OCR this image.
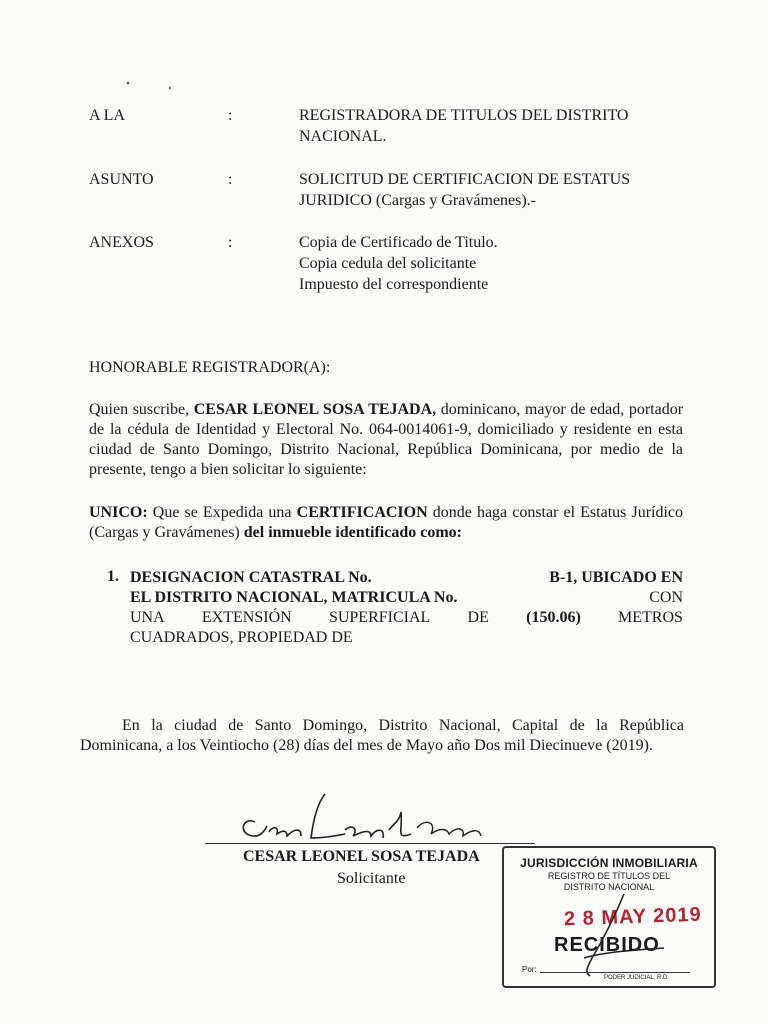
A LA	:	REGISTRADORA DE TITULOS DEL DISTRITO
NACIONAL.
ASUNTO	:	SOLICITUD DE CERTIFICACION DE ESTATUS
JURIDICO (Cargas y Gravámenes).-
ANEXOS	:	Copia de Certificado de Titulo.
Copia cedula del solicitante
Impuesto del correspondiente
HONORABLE REGISTRADOR(A):
Quien suscribe, CESAR LEONEL SOSA TEJADA, dominicano, mayor de edad, portador de la cédula de Identidad y Electoral No. 064-0014061-9, domiciliado y residente en esta ciudad de Santo Domingo, Distrito Nacional, República Dominicana, por medio de la presente, tengo a bien solicitar lo siguiente:
UNICO: Que se Expedida una CERTIFICACION donde haga constar el Estatus Jurídico (Cargas y Gravámenes) del inmueble identificado como:
1. DESIGNACION CATASTRAL No.	B-1, UBICADO EN
EL DISTRITO NACIONAL, MATRICULA No.	CON
UNA EXTENSIÓN SUPERFICIAL DE (150.06) METROS
CUADRADOS, PROPIEDAD DE
En la ciudad de Santo Domingo, Distrito Nacional, Capital de la República Dominicana, a los Veintiocho (28) días del mes de Mayo año Dos mil Diecinueve (2019).
CESAR LEONEL SOSA TEJADA
Solicitante
JURISDICCIÓN INMOBILIARIA
REGISTRO DE TÍTULOS DEL
DISTRITO NACIONAL
2 8 MAY 2019
RECIBIDO
Por:
PODER JUDICIAL, R.D.
